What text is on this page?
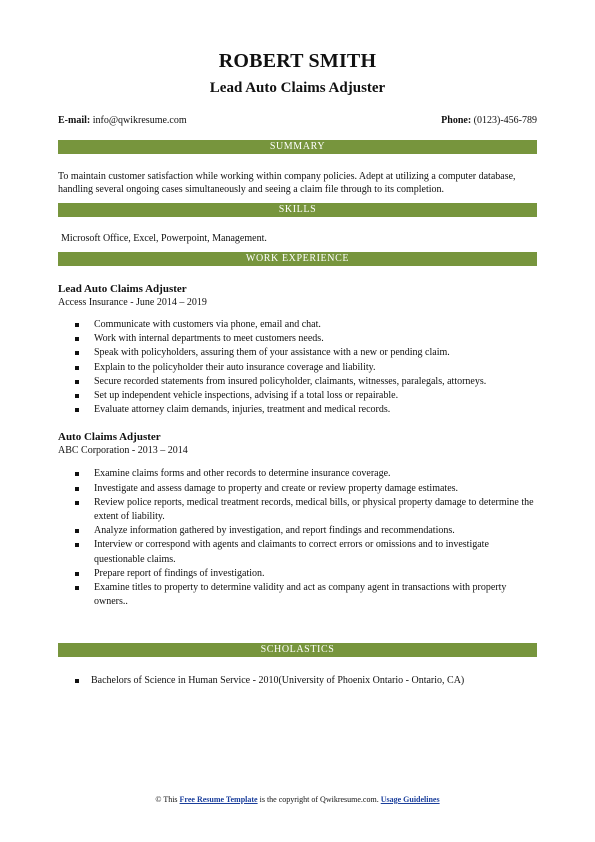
ROBERT SMITH
Lead Auto Claims Adjuster
E-mail: info@qwikresume.com	Phone: (0123)-456-789
SUMMARY

To maintain customer satisfaction while working within company policies. Adept at utilizing a computer database, handling several ongoing cases simultaneously and seeing a claim file through to its completion.

SKILLS

Microsoft Office, Excel, Powerpoint, Management.

WORK EXPERIENCE

Lead Auto Claims Adjuster

Access Insurance - June 2014 – 2019

Communicate with customers via phone, email and chat.
Work with internal departments to meet customers needs.
Speak with policyholders, assuring them of your assistance with a new or pending claim.
Explain to the policyholder their auto insurance coverage and liability.
Secure recorded statements from insured policyholder, claimants, witnesses, paralegals, attorneys.
Set up independent vehicle inspections, advising if a total loss or repairable.
Evaluate attorney claim demands, injuries, treatment and medical records.

Auto Claims Adjuster

ABC Corporation - 2013 – 2014

Examine claims forms and other records to determine insurance coverage.
Investigate and assess damage to property and create or review property damage estimates.
Review police reports, medical treatment records, medical bills, or physical property damage to determine the extent of liability.
Analyze information gathered by investigation, and report findings and recommendations.
Interview or correspond with agents and claimants to correct errors or omissions and to investigate questionable claims.
Prepare report of findings of investigation.
Examine titles to property to determine validity and act as company agent in transactions with property owners..
SCHOLASTICS
Bachelors of Science in Human Service - 2010(University of Phoenix Ontario - Ontario, CA)
© This Free Resume Template is the copyright of Qwikresume.com. Usage Guidelines
